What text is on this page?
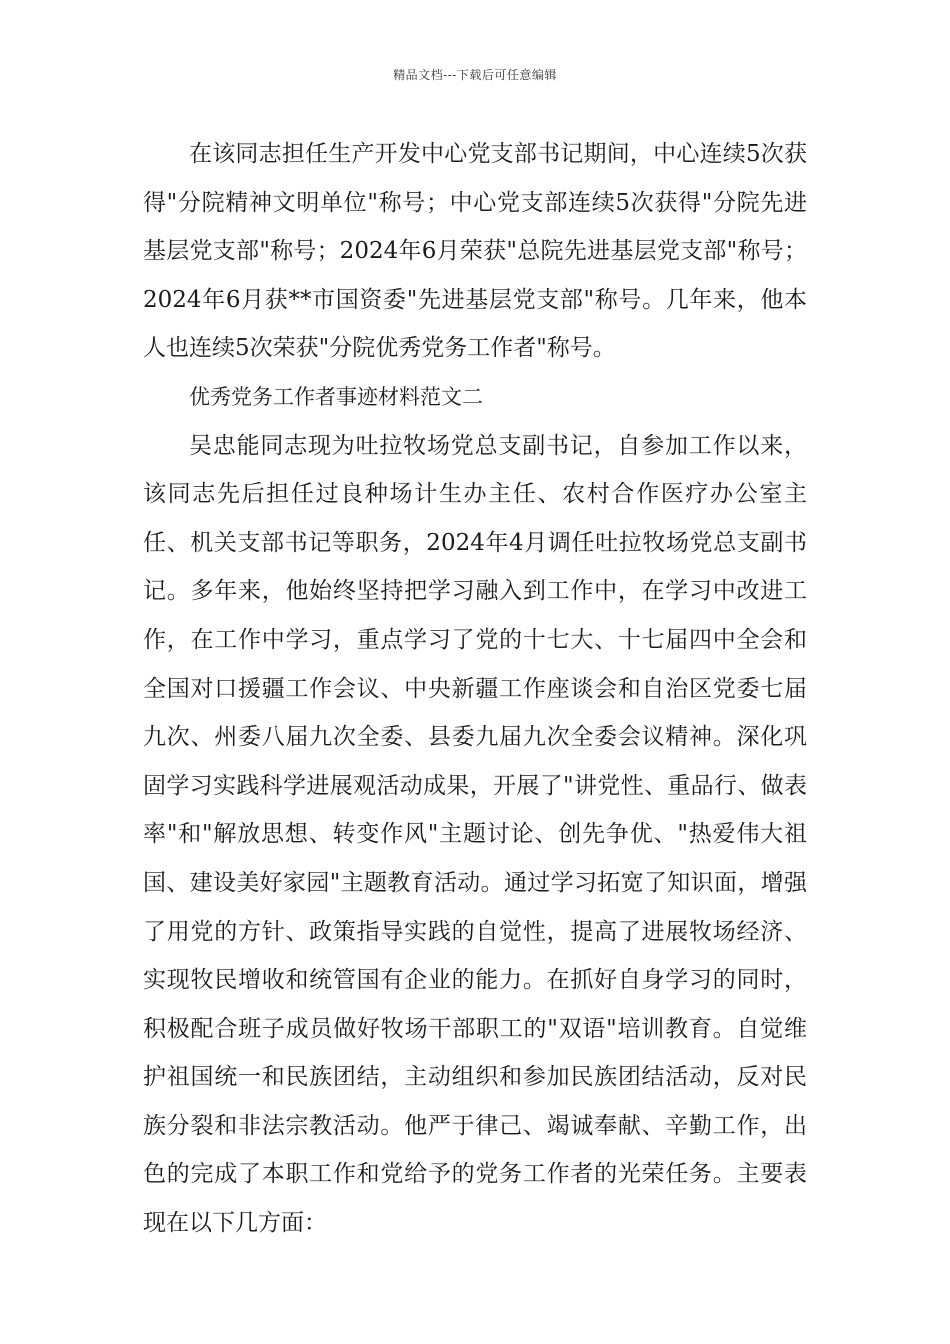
精品文档---下载后可任意编辑

在该同志担任生产开发中心党支部书记期间，中心连续5次获得"分院精神文明单位"称号；中心党支部连续5次获得"分院先进基层党支部"称号；2024年6月荣获"总院先进基层党支部"称号；2024年6月获**市国资委"先进基层党支部"称号。几年来，他本人也连续5次荣获"分院优秀党务工作者"称号。

优秀党务工作者事迹材料范文二

吴忠能同志现为吐拉牧场党总支副书记，自参加工作以来，该同志先后担任过良种场计生办主任、农村合作医疗办公室主任、机关支部书记等职务，2024年4月调任吐拉牧场党总支副书记。多年来，他始终坚持把学习融入到工作中，在学习中改进工作，在工作中学习，重点学习了党的十七大、十七届四中全会和全国对口援疆工作会议、中央新疆工作座谈会和自治区党委七届九次、州委八届九次全委、县委九届九次全委会议精神。深化巩固学习实践科学进展观活动成果，开展了"讲党性、重品行、做表率"和"解放思想、转变作风"主题讨论、创先争优、"热爱伟大祖国、建设美好家园"主题教育活动。通过学习拓宽了知识面，增强了用党的方针、政策指导实践的自觉性，提高了进展牧场经济、实现牧民增收和统管国有企业的能力。在抓好自身学习的同时，积极配合班子成员做好牧场干部职工的"双语"培训教育。自觉维护祖国统一和民族团结，主动组织和参加民族团结活动，反对民族分裂和非法宗教活动。他严于律己、竭诚奉献、辛勤工作，出色的完成了本职工作和党给予的党务工作者的光荣任务。主要表现在以下几方面：
